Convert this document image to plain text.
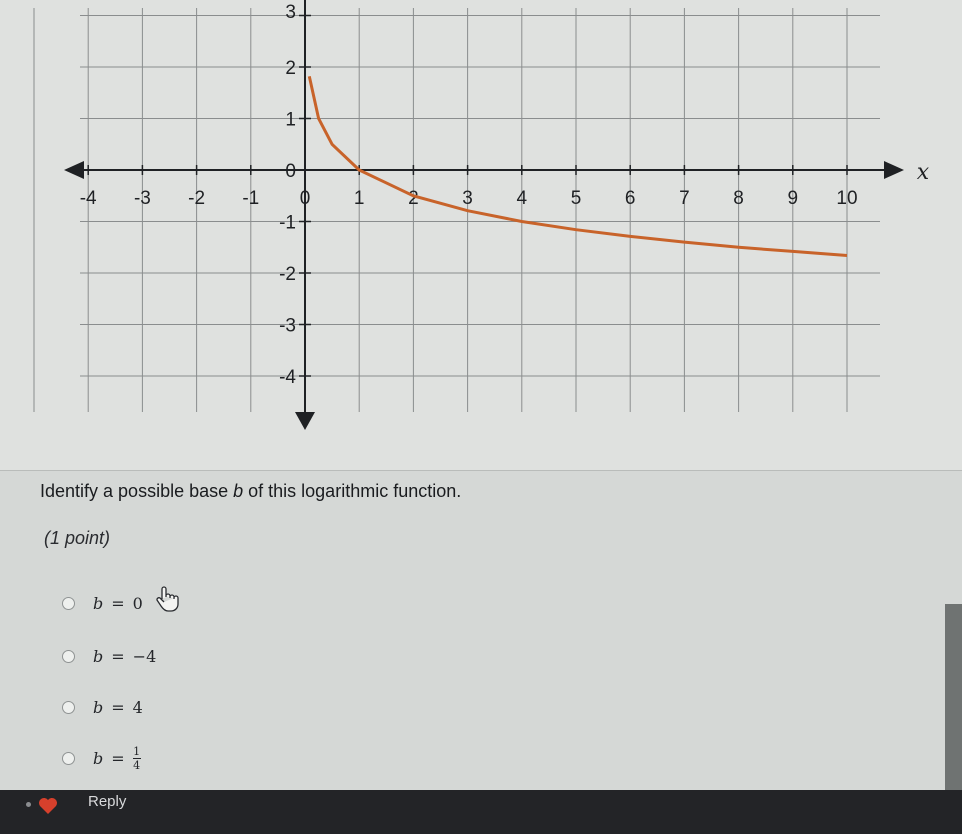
x
-4 -3 -2 -1 0 1 2 3 4 5 6 7 8 9 10
3
2
1
0
-1
-2
-3
-4
Identify a possible base b of this logarithmic function.
(1 point)
b = 0
b = −4
b = 4
$b = \frac{1}{4}$
Reply
